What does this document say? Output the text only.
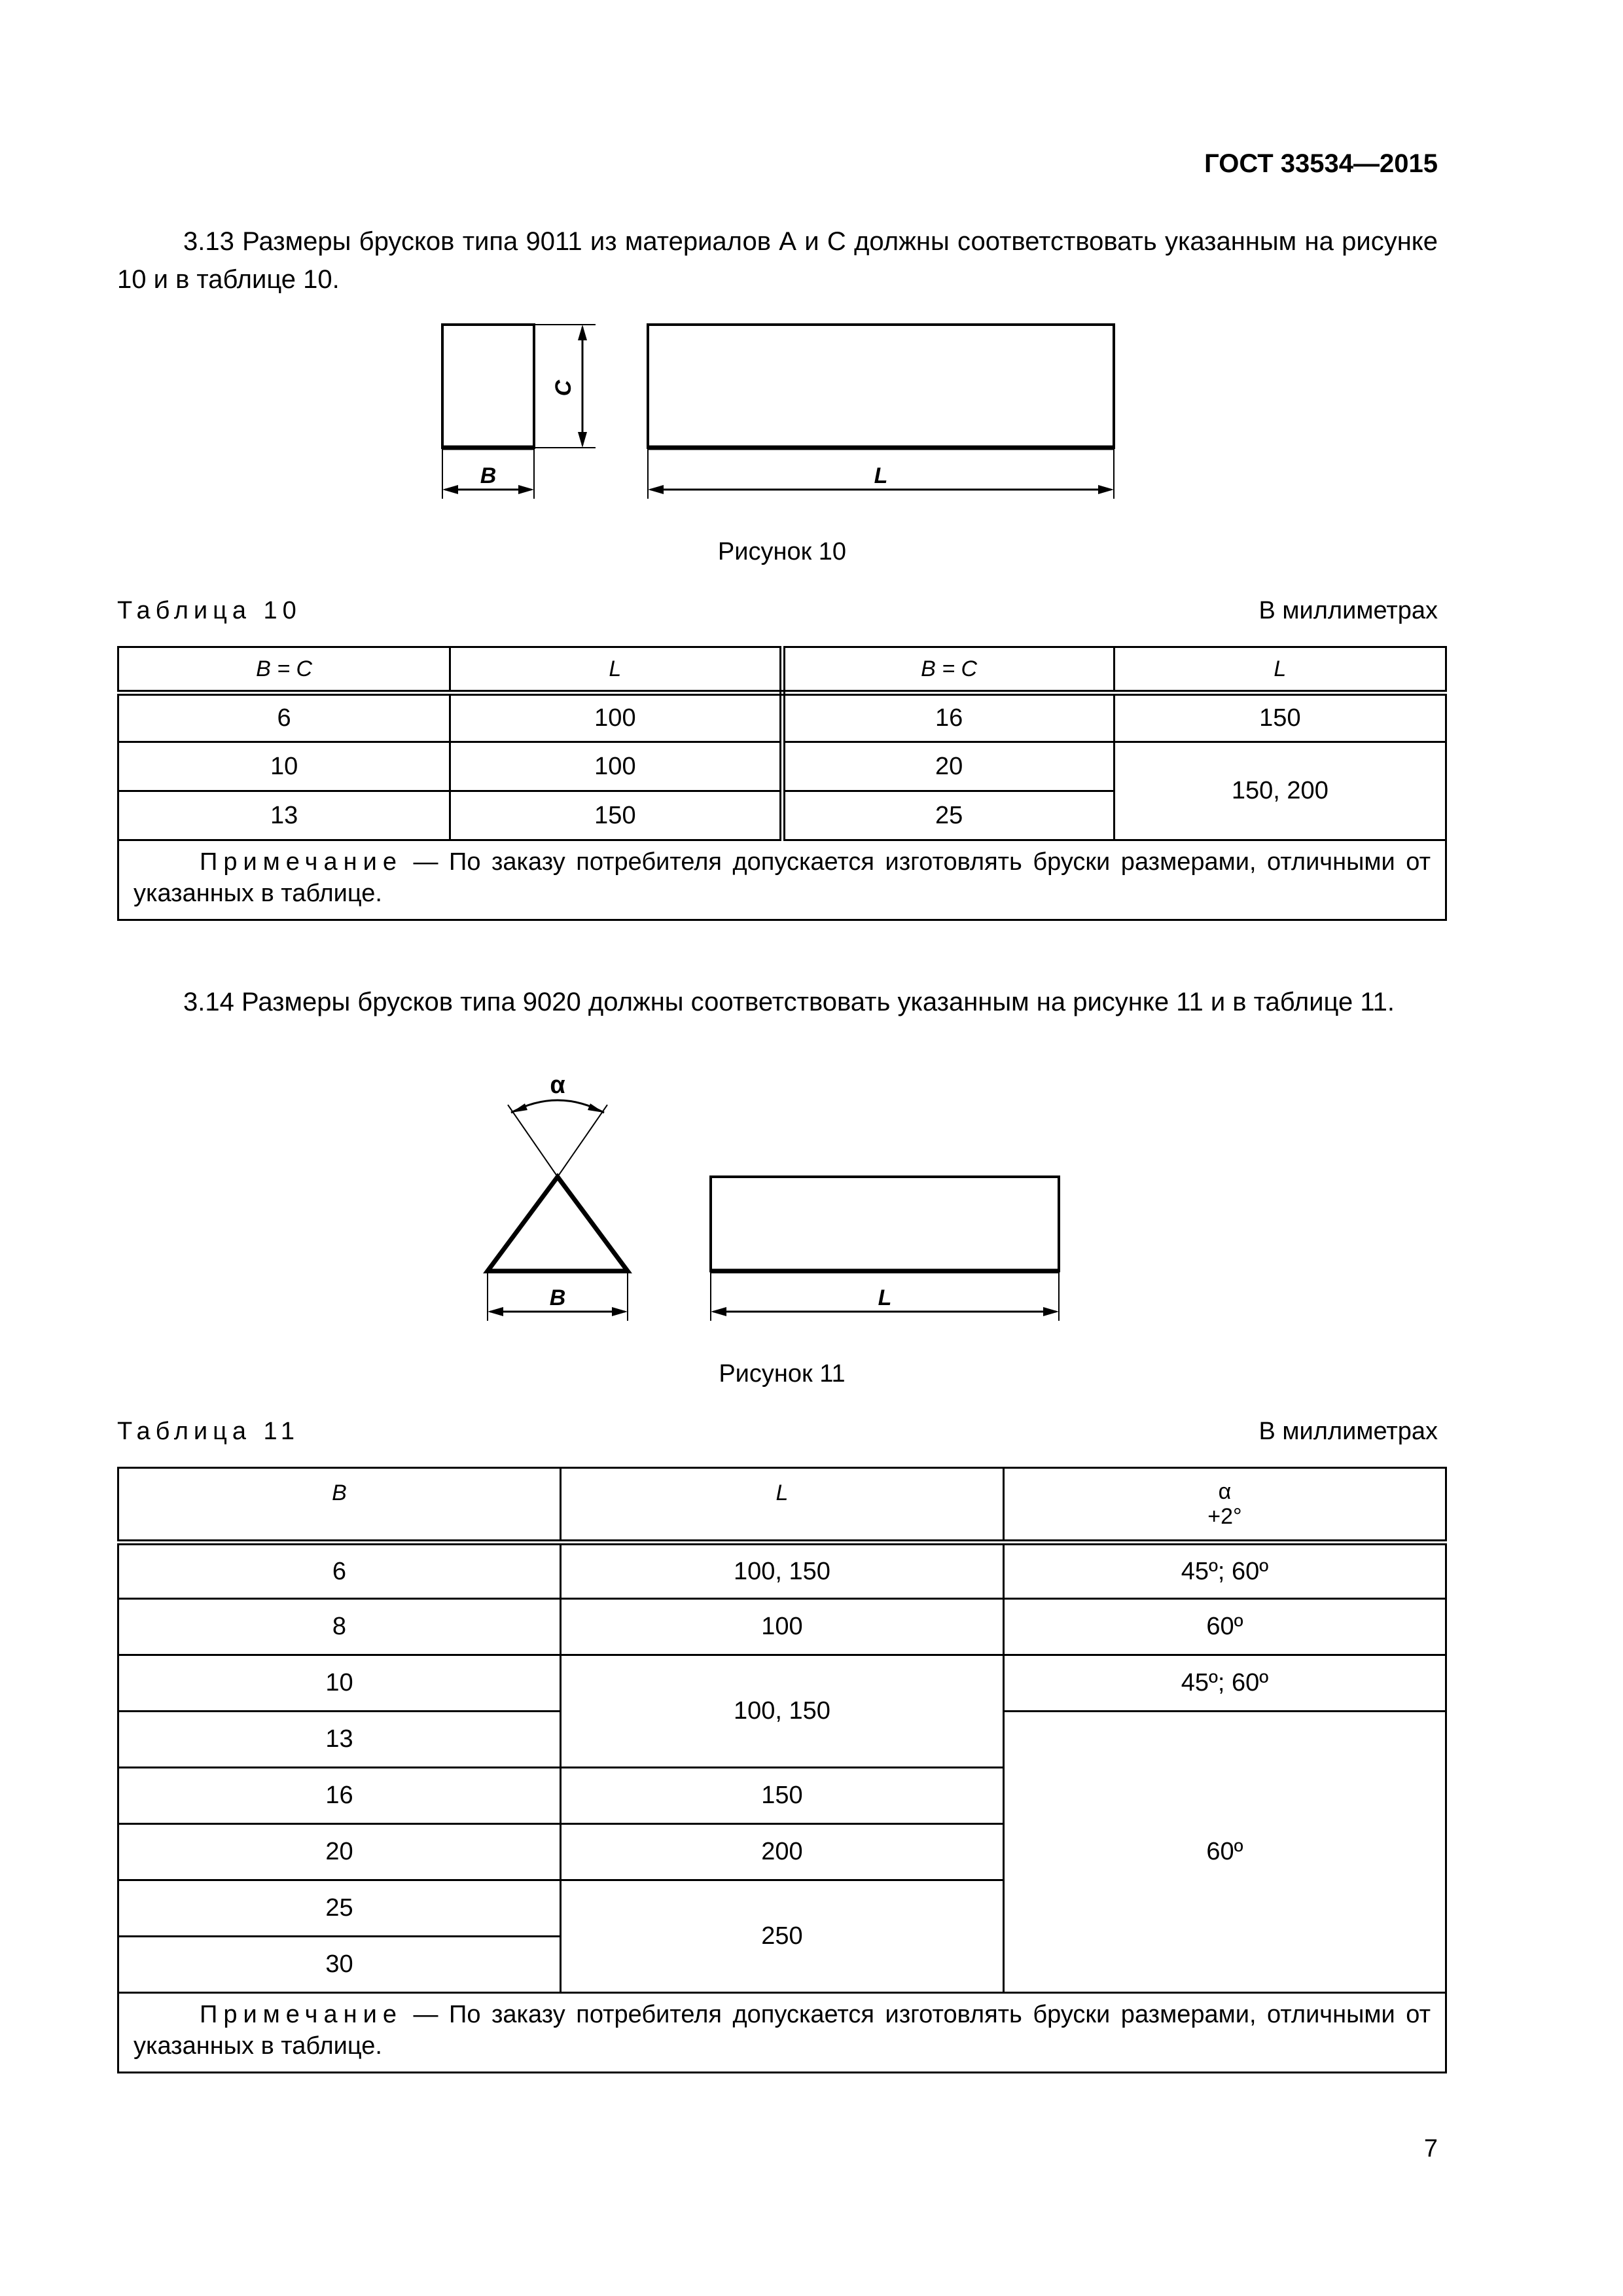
ГОСТ 33534—2015
3.13 Размеры брусков типа 9011 из материалов А и С должны соответствовать указанным на рисунке 10 и в таблице 10.
C
B	L
Рисунок 10
Таблица 10	В миллиметрах
B = C	L	B = C	L
6	100	16	150
10	100	20	150, 200
13	150	25	
Примечание — По заказу потребителя допускается изготовлять бруски размерами, отличными от указанных в таблице.			
3.14 Размеры брусков типа 9020 должны соответствовать указанным на рисунке 11 и в таблице 11.
α
B	L
Рисунок 11
Таблица 11	В миллиметрах
B	L	α
+2°

6	100, 150	45º; 60º
8	100	60º
10	100, 150	45º; 60º
13		60º
16	150	
20	200	
25	250	
30		
Примечание — По заказу потребителя допускается изготовлять бруски размерами, отличными от указанных в таблице.		
7
